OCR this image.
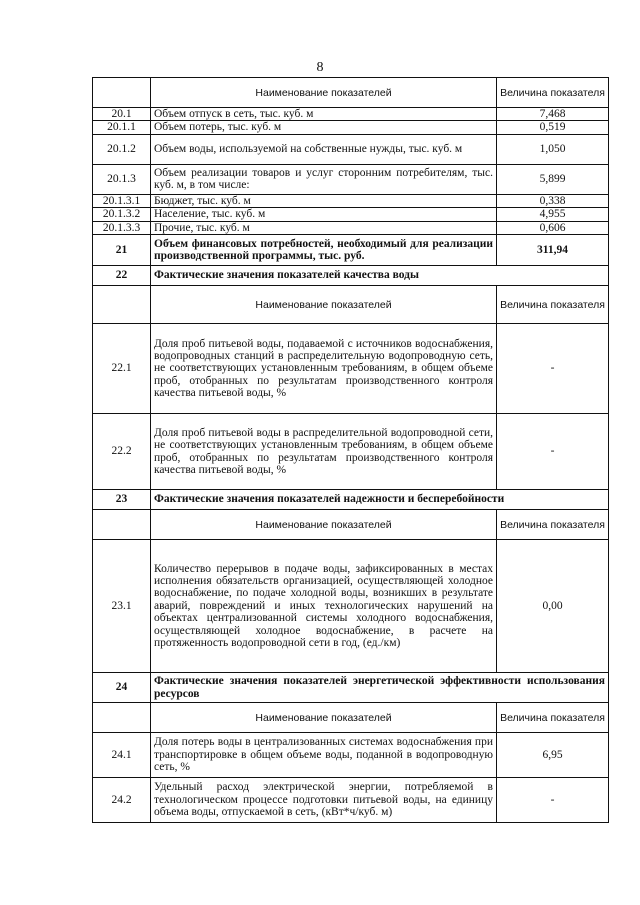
8
	Наименование показателей	Величина показателя
20.1	Объем отпуск в сеть, тыс. куб. м	7,468
20.1.1	Объем потерь, тыс. куб. м	0,519
20.1.2	Объем воды, используемой на собственные нужды, тыс. куб. м	1,050
20.1.3	Объем реализации товаров и услуг сторонним потребителям, тыс. куб. м, в том числе:	5,899
20.1.3.1	Бюджет, тыс. куб. м	0,338
20.1.3.2	Население, тыс. куб. м	4,955
20.1.3.3	Прочие, тыс. куб. м	0,606
21	Объем финансовых потребностей, необходимый для реализации производственной программы, тыс. руб.	311,94
22	Фактические значения показателей качества воды	
	Наименование показателей	Величина показателя
22.1	Доля проб питьевой воды, подаваемой с источников водоснабжения, водопроводных станций в распределительную водопроводную сеть, не соответствующих установленным требованиям, в общем объеме проб, отобранных по результатам производственного контроля качества питьевой воды, %	-
22.2	Доля проб питьевой воды в распределительной водопроводной сети, не соответствующих установленным требованиям, в общем объеме проб, отобранных по результатам производственного контроля качества питьевой воды, %	-
23	Фактические значения показателей надежности и бесперебойности	
	Наименование показателей	Величина показателя
23.1	Количество перерывов в подаче воды, зафиксированных в местах исполнения обязательств организацией, осуществляющей холодное водоснабжение, по подаче холодной воды, возникших в результате аварий, повреждений и иных технологических нарушений на объектах централизованной системы холодного водоснабжения, осуществляющей холодное водоснабжение, в расчете на протяженность водопроводной сети в год, (ед./км)	0,00
24	Фактические значения показателей энергетической эффективности использования ресурсов	
	Наименование показателей	Величина показателя
24.1	Доля потерь воды в централизованных системах водоснабжения при транспортировке в общем объеме воды, поданной в водопроводную сеть, %	6,95
24.2	Удельный расход электрической энергии, потребляемой в технологическом процессе подготовки питьевой воды, на единицу объема воды, отпускаемой в сеть, (кВт*ч/куб. м)	-
